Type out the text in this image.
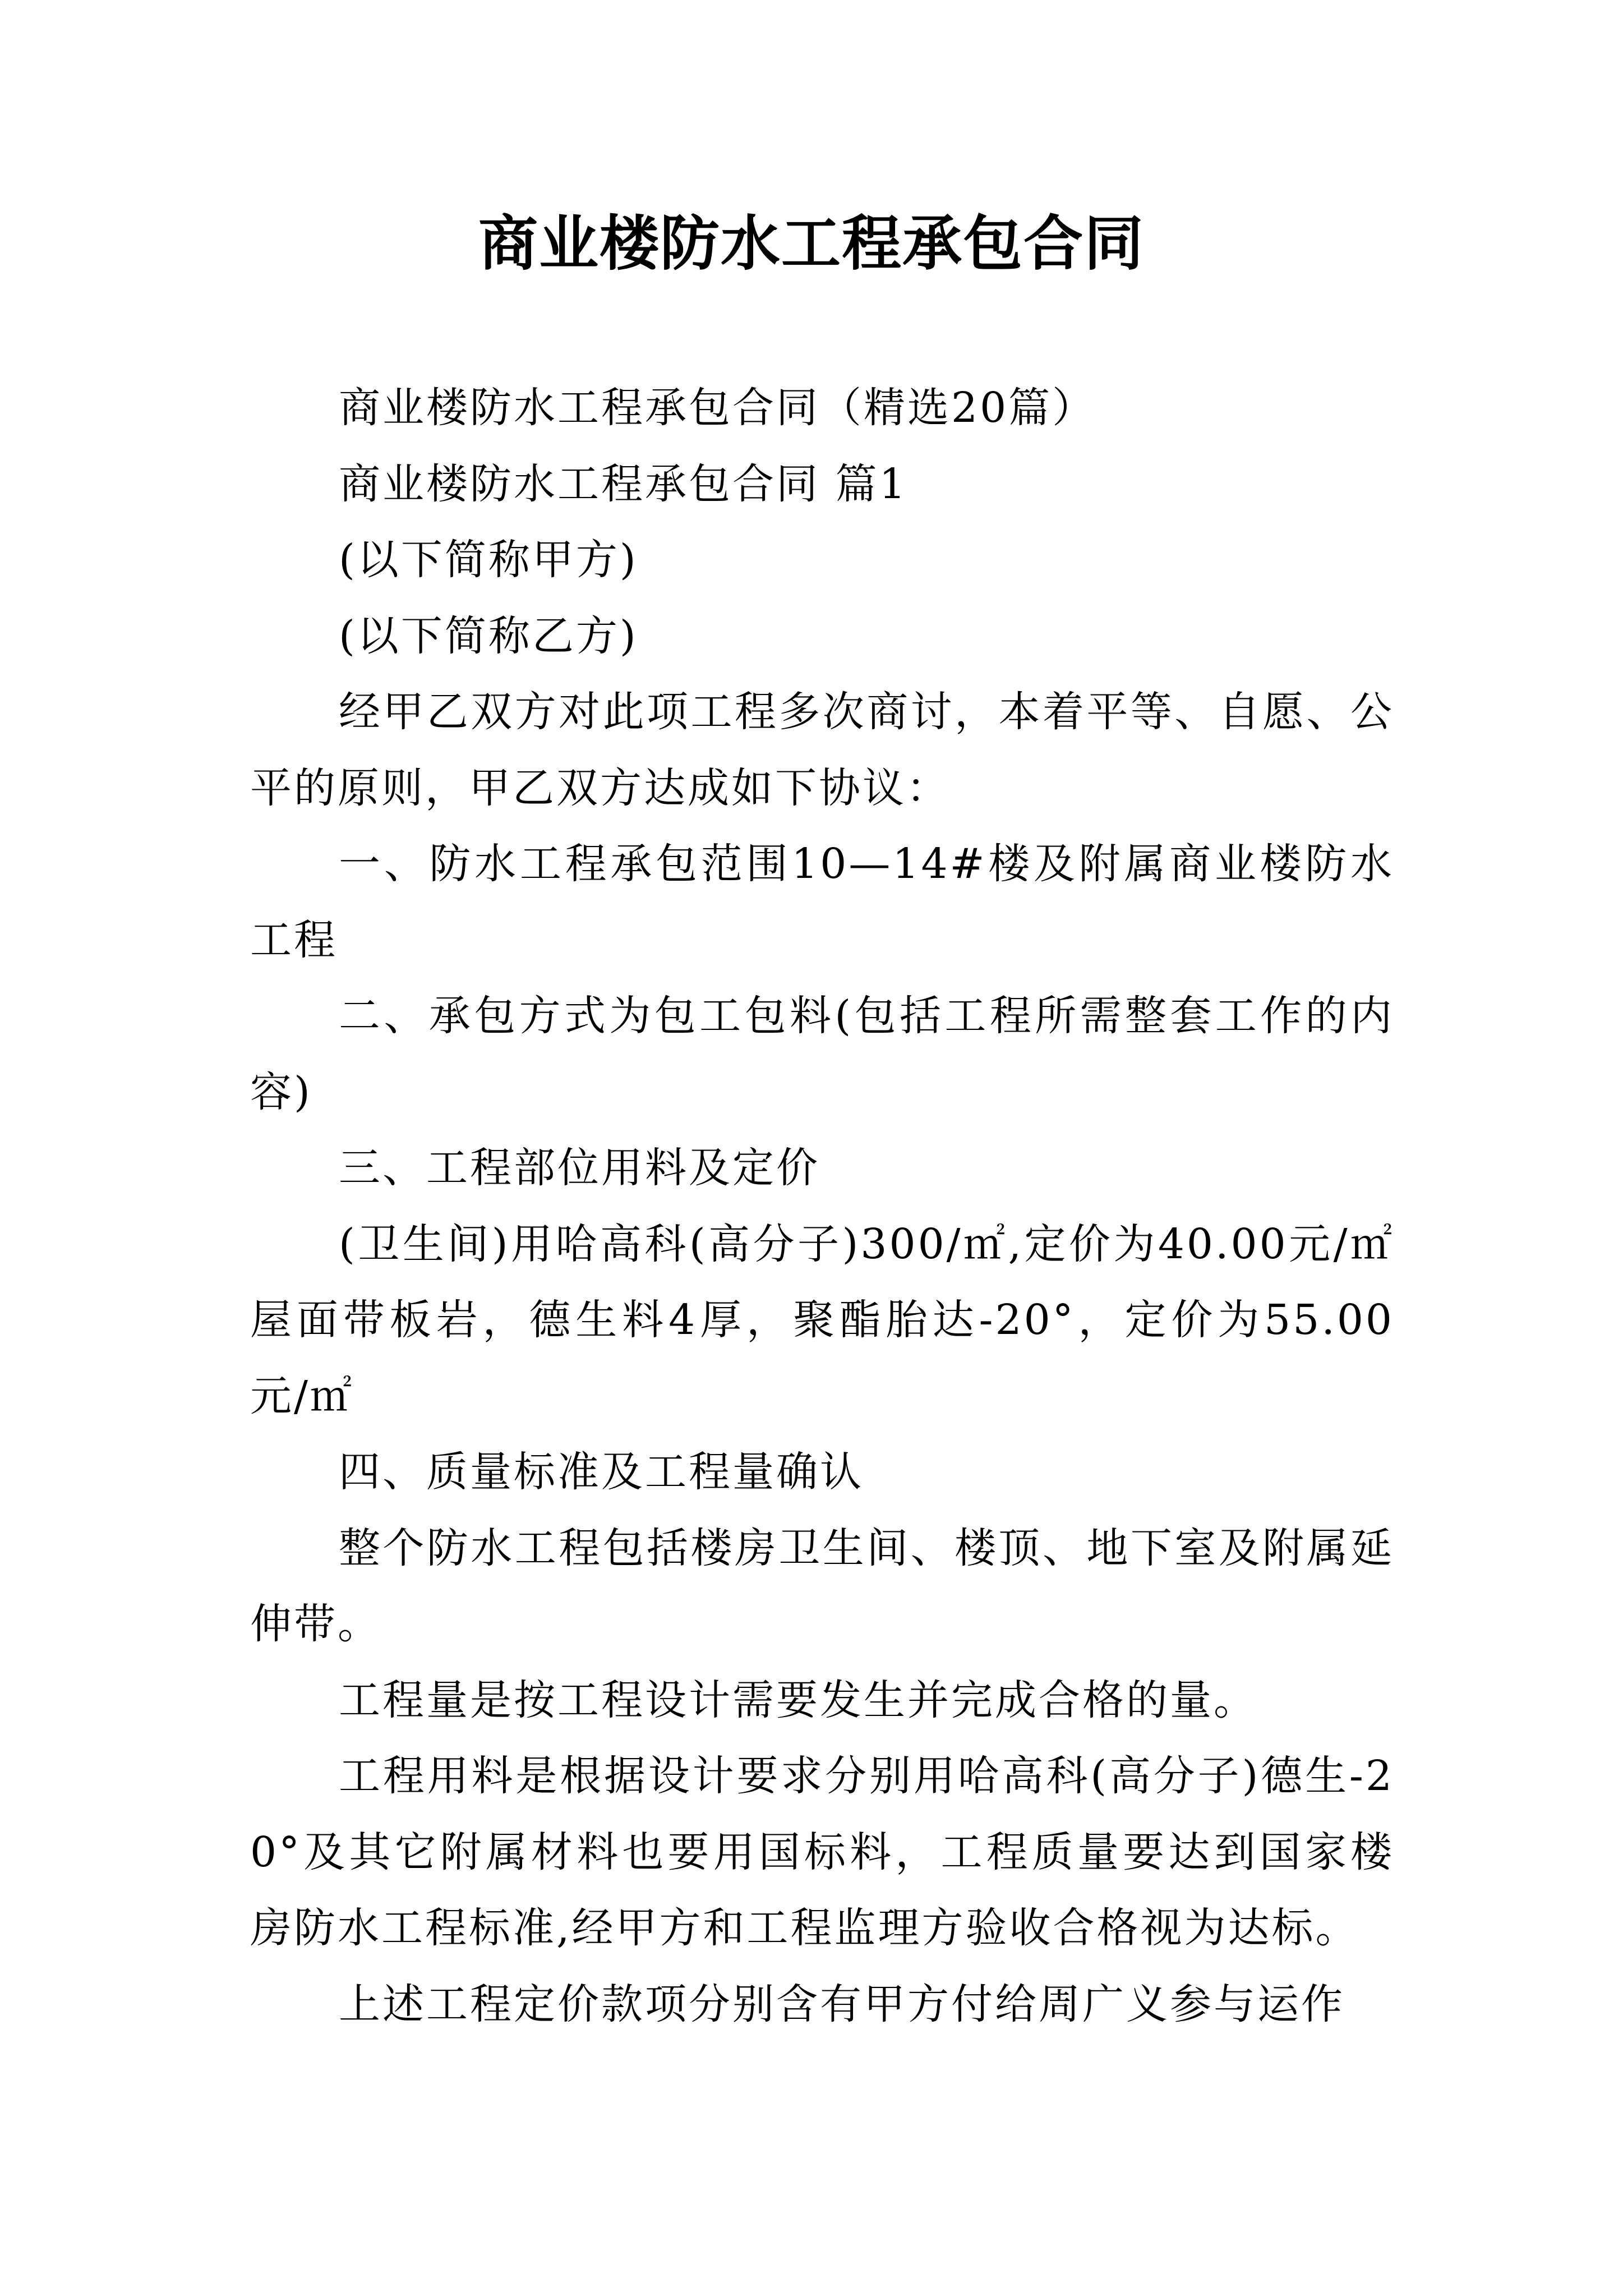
商业楼防水工程承包合同

商业楼防水工程承包合同（精选20篇）

商业楼防水工程承包合同 篇1

(以下简称甲方)

(以下简称乙方)

经甲乙双方对此项工程多次商讨，本着平等、自愿、公平的原则，甲乙双方达成如下协议：

一、防水工程承包范围10—14#楼及附属商业楼防水工程

二、承包方式为包工包料(包括工程所需整套工作的内容)

三、工程部位用料及定价

(卫生间)用哈高科(高分子)300/㎡,定价为40.00元/㎡屋面带板岩，德生料4厚，聚酯胎达-20°，定价为55.00元/㎡

四、质量标准及工程量确认

整个防水工程包括楼房卫生间、楼顶、地下室及附属延伸带。

工程量是按工程设计需要发生并完成合格的量。

工程用料是根据设计要求分别用哈高科(高分子)德生-20°及其它附属材料也要用国标料，工程质量要达到国家楼房防水工程标准,经甲方和工程监理方验收合格视为达标。

上述工程定价款项分别含有甲方付给周广义参与运作
